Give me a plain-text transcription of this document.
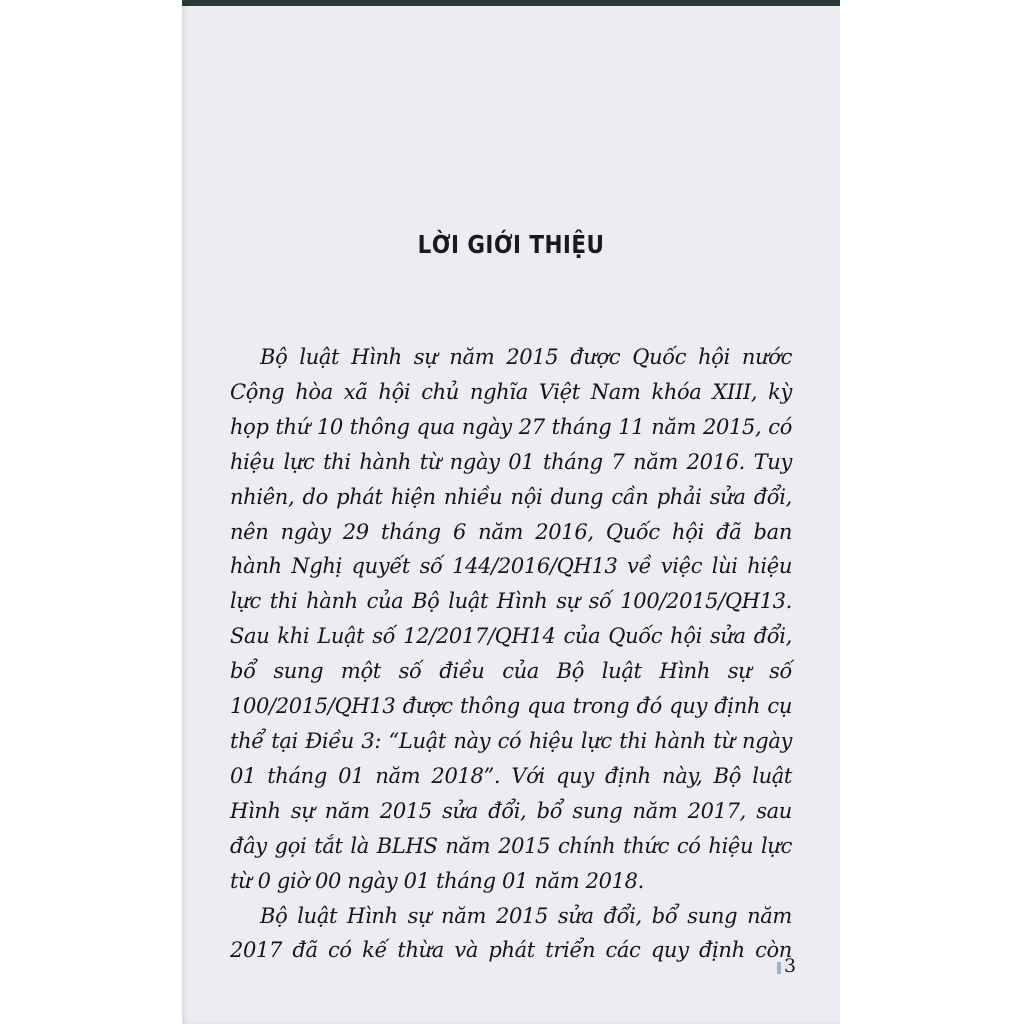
LỜI GIỚI THIỆU
Bộ luật Hình sự năm 2015 được Quốc hội nước
Cộng hòa xã hội chủ nghĩa Việt Nam khóa XIII, kỳ
họp thứ 10 thông qua ngày 27 tháng 11 năm 2015, có
hiệu lực thi hành từ ngày 01 tháng 7 năm 2016. Tuy
nhiên, do phát hiện nhiều nội dung cần phải sửa đổi,
nên ngày 29 tháng 6 năm 2016, Quốc hội đã ban
hành Nghị quyết số 144/2016/QH13 về việc lùi hiệu
lực thi hành của Bộ luật Hình sự số 100/2015/QH13.
Sau khi Luật số 12/2017/QH14 của Quốc hội sửa đổi,
bổ sung một số điều của Bộ luật Hình sự số
100/2015/QH13 được thông qua trong đó quy định cụ
thể tại Điều 3: “Luật này có hiệu lực thi hành từ ngày
01 tháng 01 năm 2018”. Với quy định này, Bộ luật
Hình sự năm 2015 sửa đổi, bổ sung năm 2017, sau
đây gọi tắt là BLHS năm 2015 chính thức có hiệu lực
từ 0 giờ 00 ngày 01 tháng 01 năm 2018.
Bộ luật Hình sự năm 2015 sửa đổi, bổ sung năm
2017 đã có kế thừa và phát triển các quy định còn
3
